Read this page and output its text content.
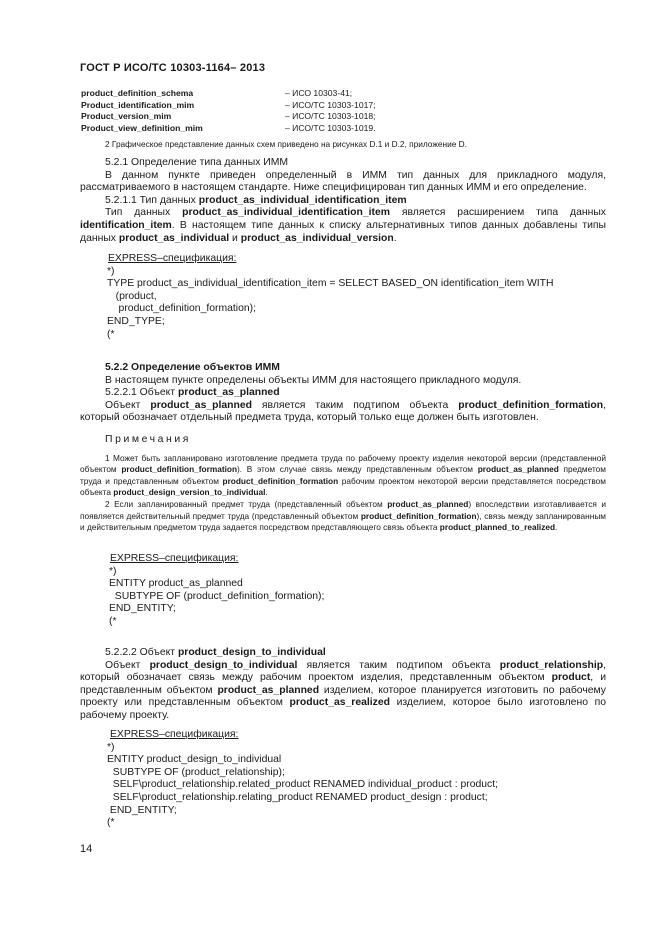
ГОСТ Р ИСО/ТС 10303-1164– 2013
product_definition_schema	– ИСО 10303-41;
Product_identification_mim	– ИСО/ТС 10303-1017;
Product_version_mim	– ИСО/ТС 10303-1018;
Product_view_definition_mim	– ИСО/ТС 10303-1019.

2 Графическое представление данных схем приведено на рисунках D.1 и D.2, приложение D.

5.2.1 Определение типа данных ИММ

В данном пункте приведен определенный в ИММ тип данных для прикладного модуля, рассматриваемого в настоящем стандарте. Ниже специфицирован тип данных ИММ и его определение.

5.2.1.1 Тип данных product_as_individual_identification_item

Тип данных product_as_individual_identification_item является расширением типа данных identification_item. В настоящем типе данных к списку альтернативных типов данных добавлены типы данных product_as_individual и product_as_individual_version.

EXPRESS–спецификация:

*)
TYPE product_as_individual_identification_item = SELECT BASED_ON identification_item WITH
(product,
product_definition_formation);
END_TYPE;
(*

5.2.2 Определение объектов ИММ

В настоящем пункте определены объекты ИММ для настоящего прикладного модуля.

5.2.2.1 Объект product_as_planned

Объект product_as_planned является таким подтипом объекта product_definition_formation, который обозначает отдельный предмета труда, который только еще должен быть изготовлен.

Примечания

1 Может быть запланировано изготовление предмета труда по рабочему проекту изделия некоторой версии (представленной объектом product_definition_formation). В этом случае связь между представленным объектом product_as_planned предметом труда и представленным объектом product_definition_formation рабочим проектом некоторой версии представляется посредством объекта product_design_version_to_individual.

2 Если запланированный предмет труда (представленный объектом product_as_planned) впоследствии изготавливается и появляется действительный предмет труда (представленный объектом product_definition_formation), связь между запланированным и действительным предметом труда задается посредством представляющего связь объекта product_planned_to_realized.

EXPRESS–спецификация:

*)
ENTITY product_as_planned
SUBTYPE OF (product_definition_formation);
END_ENTITY;
(*

5.2.2.2 Объект product_design_to_individual

Объект product_design_to_individual является таким подтипом объекта product_relationship, который обозначает связь между рабочим проектом изделия, представленным объектом product, и представленным объектом product_as_planned изделием, которое планируется изготовить по рабочему проекту или представленным объектом product_as_realized изделием, которое было изготовлено по рабочему проекту.

EXPRESS–спецификация:

*)
ENTITY product_design_to_individual
SUBTYPE OF (product_relationship);
SELF\product_relationship.related_product RENAMED individual_product : product;
SELF\product_relationship.relating_product RENAMED product_design : product;
END_ENTITY;
(*

14
